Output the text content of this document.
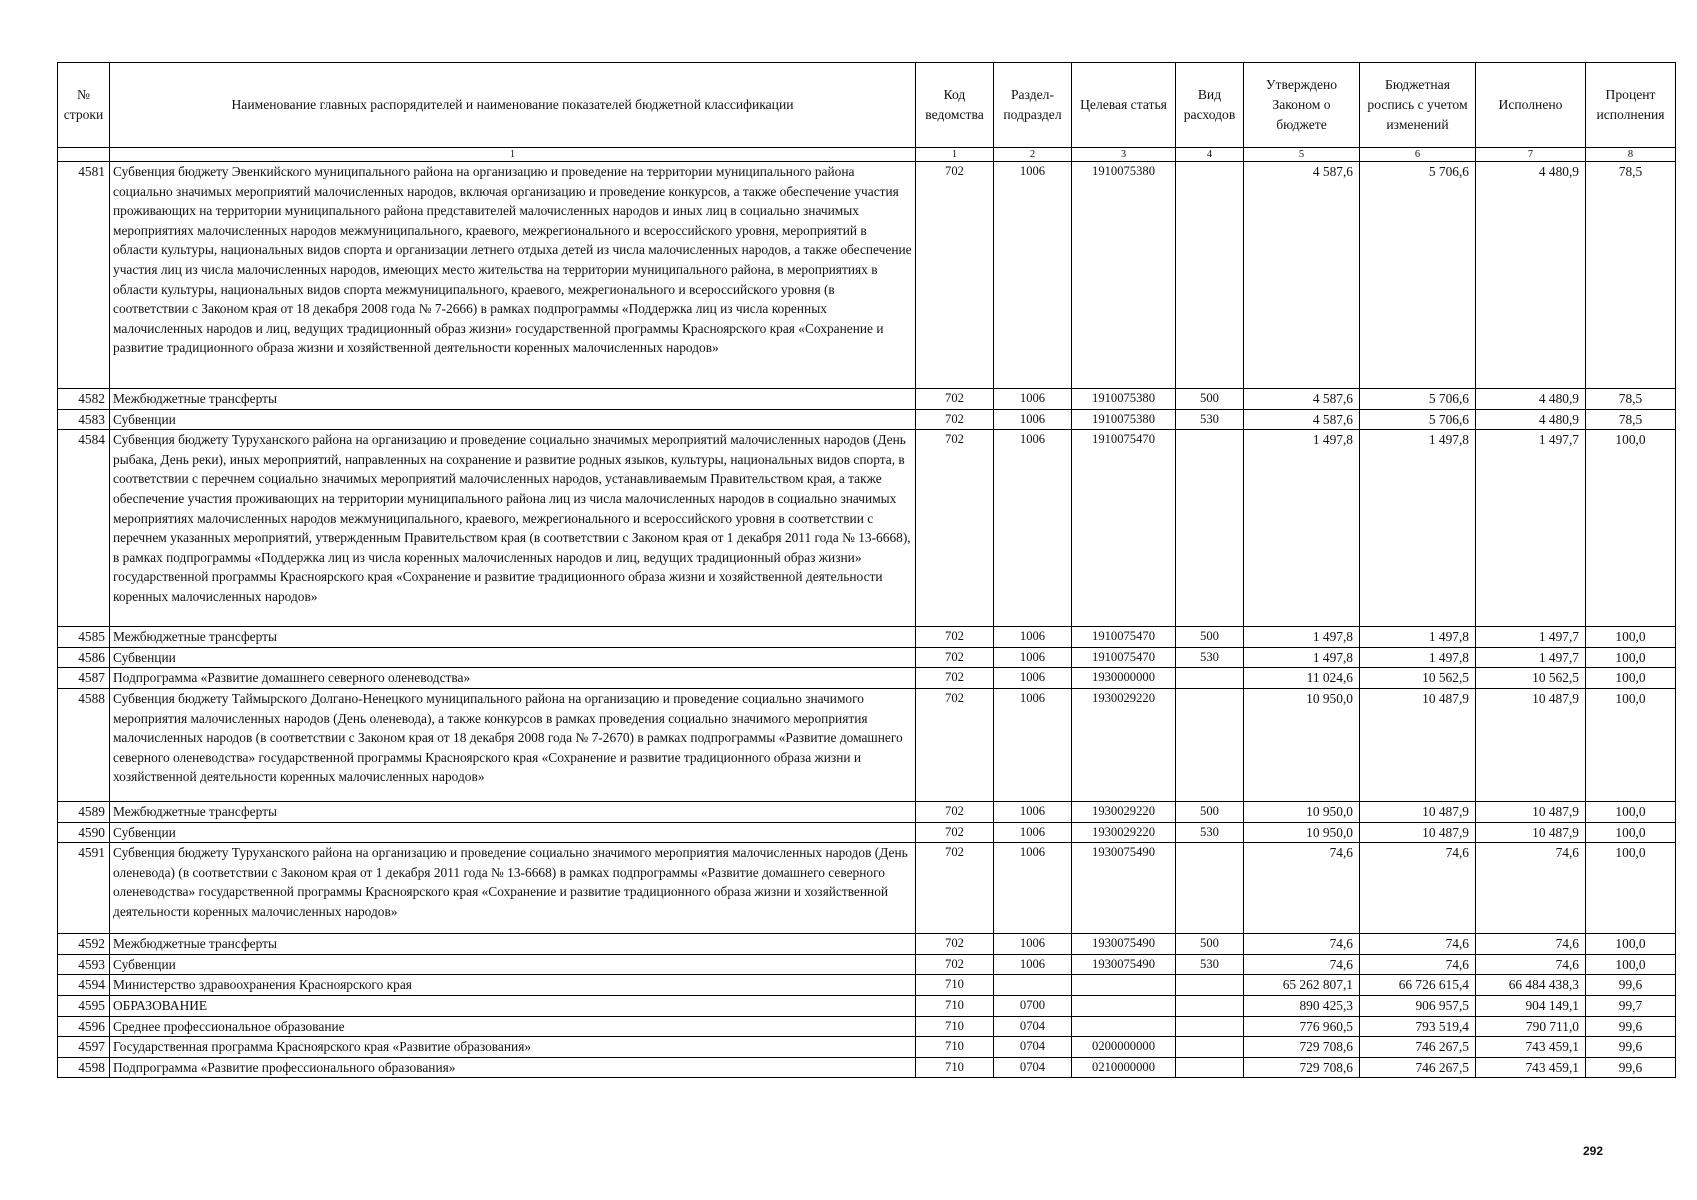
№ строки	Наименование главных распорядителей и наименование показателей бюджетной классификации	Код ведомства	Раздел-подраздел	Целевая статья	Вид расходов	Утверждено Законом о бюджете	Бюджетная роспись с учетом изменений	Исполнено	Процент исполнения
	1	1	2	3	4	5	6	7	8
4581	Субвенция бюджету Эвенкийского муниципального района на организацию и проведение на территории муниципального района социально значимых мероприятий малочисленных народов, включая организацию и проведение конкурсов, а также обеспечение участия проживающих на территории муниципального района представителей малочисленных народов и иных лиц в социально значимых мероприятиях малочисленных народов межмуниципального, краевого, межрегионального и всероссийского уровня, мероприятий в области культуры, национальных видов спорта и организации летнего отдыха детей из числа малочисленных народов, а также обеспечение участия лиц из числа малочисленных народов, имеющих место жительства на территории муниципального района, в мероприятиях в области культуры, национальных видов спорта межмуниципального, краевого, межрегионального и всероссийского уровня (в соответствии с Законом края от 18 декабря 2008 года № 7-2666) в рамках подпрограммы «Поддержка лиц из числа коренных малочисленных народов и лиц, ведущих традиционный образ жизни» государственной программы Красноярского края «Сохранение и развитие традиционного образа жизни и хозяйственной деятельности коренных малочисленных народов»	702	1006	1910075380		4 587,6	5 706,6	4 480,9	78,5
4582	Межбюджетные трансферты	702	1006	1910075380	500	4 587,6	5 706,6	4 480,9	78,5
4583	Субвенции	702	1006	1910075380	530	4 587,6	5 706,6	4 480,9	78,5
4584	Субвенция бюджету Туруханского района на организацию и проведение социально значимых мероприятий малочисленных народов (День рыбака, День реки), иных мероприятий, направленных на сохранение и развитие родных языков, культуры, национальных видов спорта, в соответствии с перечнем социально значимых мероприятий малочисленных народов, устанавливаемым Правительством края, а также обеспечение участия проживающих на территории муниципального района лиц из числа малочисленных народов в социально значимых мероприятиях малочисленных народов межмуниципального, краевого, межрегионального и всероссийского уровня в соответствии с перечнем указанных мероприятий, утвержденным Правительством края (в соответствии с Законом края от 1 декабря 2011 года № 13-6668), в рамках подпрограммы «Поддержка лиц из числа коренных малочисленных народов и лиц, ведущих традиционный образ жизни» государственной программы Красноярского края «Сохранение и развитие традиционного образа жизни и хозяйственной деятельности коренных малочисленных народов»	702	1006	1910075470		1 497,8	1 497,8	1 497,7	100,0
4585	Межбюджетные трансферты	702	1006	1910075470	500	1 497,8	1 497,8	1 497,7	100,0
4586	Субвенции	702	1006	1910075470	530	1 497,8	1 497,8	1 497,7	100,0
4587	Подпрограмма «Развитие домашнего северного оленеводства»	702	1006	1930000000		11 024,6	10 562,5	10 562,5	100,0
4588	Субвенция бюджету Таймырского Долгано-Ненецкого муниципального района на организацию и проведение социально значимого мероприятия малочисленных народов (День оленевода), а также конкурсов в рамках проведения социально значимого мероприятия малочисленных народов (в соответствии с Законом края от 18 декабря 2008 года № 7-2670) в рамках подпрограммы «Развитие домашнего северного оленеводства» государственной программы Красноярского края «Сохранение и развитие традиционного образа жизни и хозяйственной деятельности коренных малочисленных народов»	702	1006	1930029220		10 950,0	10 487,9	10 487,9	100,0
4589	Межбюджетные трансферты	702	1006	1930029220	500	10 950,0	10 487,9	10 487,9	100,0
4590	Субвенции	702	1006	1930029220	530	10 950,0	10 487,9	10 487,9	100,0
4591	Субвенция бюджету Туруханского района на организацию и проведение социально значимого мероприятия малочисленных народов (День оленевода) (в соответствии с Законом края от 1 декабря 2011 года № 13-6668) в рамках подпрограммы «Развитие домашнего северного оленеводства» государственной программы Красноярского края «Сохранение и развитие традиционного образа жизни и хозяйственной деятельности коренных малочисленных народов»	702	1006	1930075490		74,6	74,6	74,6	100,0
4592	Межбюджетные трансферты	702	1006	1930075490	500	74,6	74,6	74,6	100,0
4593	Субвенции	702	1006	1930075490	530	74,6	74,6	74,6	100,0
4594	Министерство здравоохранения Красноярского края	710				65 262 807,1	66 726 615,4	66 484 438,3	99,6
4595	ОБРАЗОВАНИЕ	710	0700			890 425,3	906 957,5	904 149,1	99,7
4596	Среднее профессиональное образование	710	0704			776 960,5	793 519,4	790 711,0	99,6
4597	Государственная программа Красноярского края «Развитие образования»	710	0704	0200000000		729 708,6	746 267,5	743 459,1	99,6
4598	Подпрограмма «Развитие профессионального образования»	710	0704	0210000000		729 708,6	746 267,5	743 459,1	99,6
292
